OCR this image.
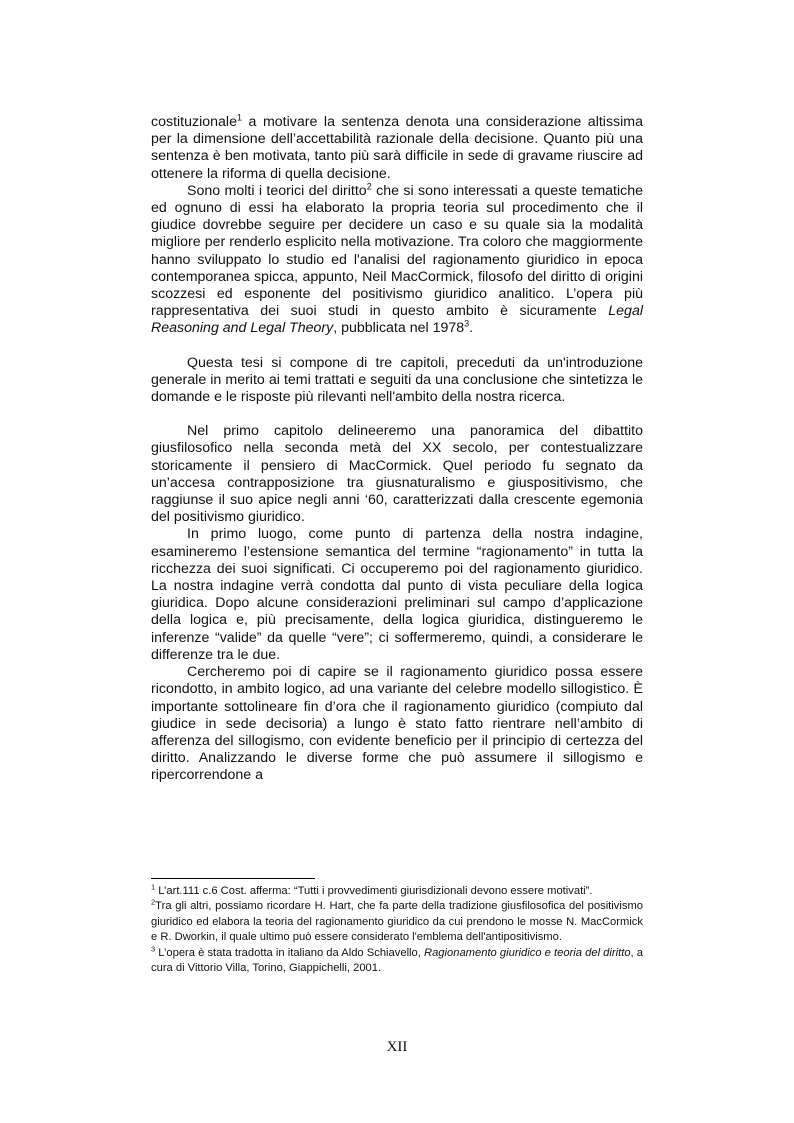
costituzionale$^1$ a motivare la sentenza denota una considerazione altissima per la dimensione dell’accettabilità razionale della decisione. Quanto più una sentenza è ben motivata, tanto più sarà difficile in sede di gravame riuscire ad ottenere la riforma di quella decisione.

Sono molti i teorici del diritto$^2$ che si sono interessati a queste tematiche ed ognuno di essi ha elaborato la propria teoria sul procedimento che il giudice dovrebbe seguire per decidere un caso e su quale sia la modalità migliore per renderlo esplicito nella motivazione. Tra coloro che maggiormente hanno sviluppato lo studio ed l'analisi del ragionamento giuridico in epoca contemporanea spicca, appunto, Neil MacCormick, filosofo del diritto di origini scozzesi ed esponente del positivismo giuridico analitico. L’opera più rappresentativa dei suoi studi in questo ambito è sicuramente Legal Reasoning and Legal Theory, pubblicata nel 1978$^3$.

Questa tesi si compone di tre capitoli, preceduti da un'introduzione generale in merito ai temi trattati e seguiti da una conclusione che sintetizza le domande e le risposte più rilevanti nell'ambito della nostra ricerca.

Nel primo capitolo delineeremo una panoramica del dibattito giusfilosofico nella seconda metà del XX secolo, per contestualizzare storicamente il pensiero di MacCormick. Quel periodo fu segnato da un’accesa contrapposizione tra giusnaturalismo e giuspositivismo, che raggiunse il suo apice negli anni ‘60, caratterizzati dalla crescente egemonia del positivismo giuridico.

In primo luogo, come punto di partenza della nostra indagine, esamineremo l’estensione semantica del termine “ragionamento” in tutta la ricchezza dei suoi significati. Ci occuperemo poi del ragionamento giuridico. La nostra indagine verrà condotta dal punto di vista peculiare della logica giuridica. Dopo alcune considerazioni preliminari sul campo d’applicazione della logica e, più precisamente, della logica giuridica, distingueremo le inferenze “valide” da quelle “vere”; ci soffermeremo, quindi, a considerare le differenze tra le due.

Cercheremo poi di capire se il ragionamento giuridico possa essere ricondotto, in ambito logico, ad una variante del celebre modello sillogistico. È importante sottolineare fin d’ora che il ragionamento giuridico (compiuto dal giudice in sede decisoria) a lungo è stato fatto rientrare nell’ambito di afferenza del sillogismo, con evidente beneficio per il principio di certezza del diritto. Analizzando le diverse forme che può assumere il sillogismo e ripercorrendone a

$^1$ L’art.111 c.6 Cost. afferma: “Tutti i provvedimenti giurisdizionali devono essere motivati”.

$^2$Tra gli altri, possiamo ricordare H. Hart, che fa parte della tradizione giusfilosofica del positivismo giuridico ed elabora la teoria del ragionamento giuridico da cui prendono le mosse N. MacCormick e R. Dworkin, il quale ultimo può essere considerato l'emblema dell'antipositivismo.

$^3$ L’opera è stata tradotta in italiano da Aldo Schiavello, Ragionamento giuridico e teoria del diritto, a cura di Vittorio Villa, Torino, Giappichelli, 2001.

XII
